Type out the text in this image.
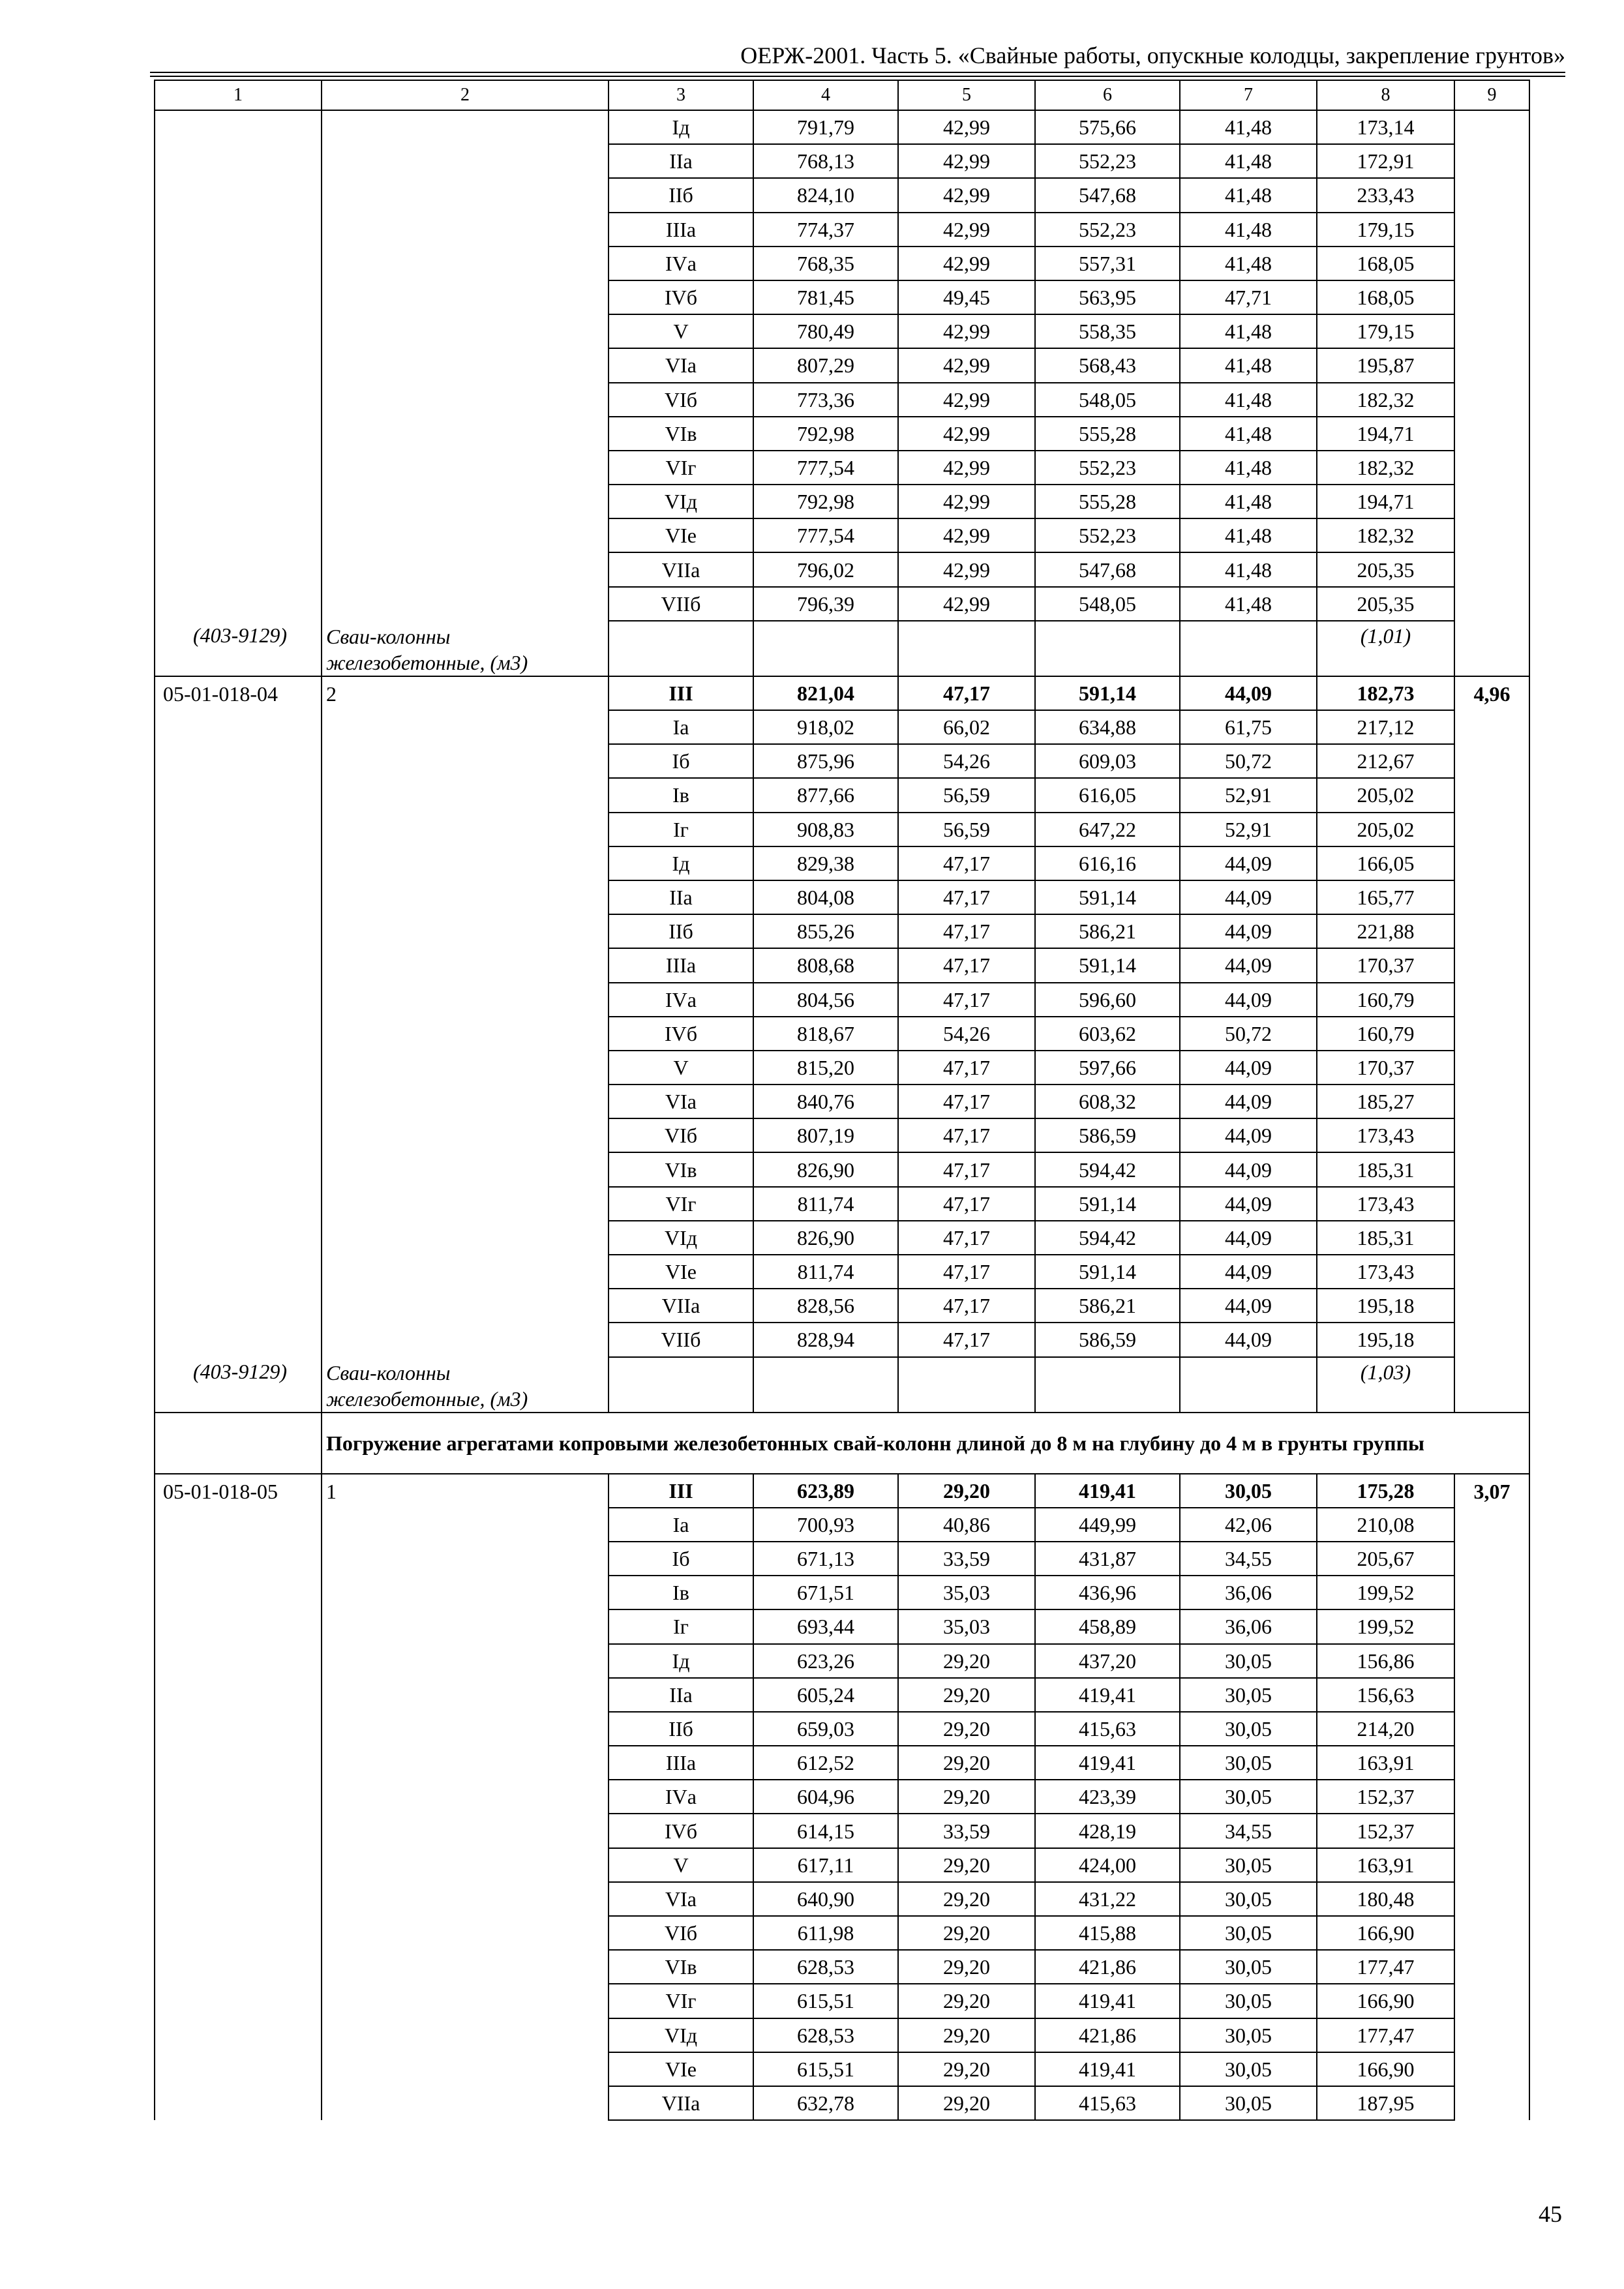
ОЕРЖ-2001. Часть 5. «Свайные работы, опускные колодцы, закрепление грунтов»
1	2	3	4	5	6	7	8	9
		Iд	791,79	42,99	575,66	41,48	173,14	
		IIа	768,13	42,99	552,23	41,48	172,91	
		IIб	824,10	42,99	547,68	41,48	233,43	
		IIIа	774,37	42,99	552,23	41,48	179,15	
		IVа	768,35	42,99	557,31	41,48	168,05	
		IVб	781,45	49,45	563,95	47,71	168,05	
		V	780,49	42,99	558,35	41,48	179,15	
		VIа	807,29	42,99	568,43	41,48	195,87	
		VIб	773,36	42,99	548,05	41,48	182,32	
		VIв	792,98	42,99	555,28	41,48	194,71	
		VIг	777,54	42,99	552,23	41,48	182,32	
		VIд	792,98	42,99	555,28	41,48	194,71	
		VIе	777,54	42,99	552,23	41,48	182,32	
		VIIа	796,02	42,99	547,68	41,48	205,35	
		VIIб	796,39	42,99	548,05	41,48	205,35	
(403-9129)	Сваи-колонны железобетонные, (м3)						(1,01)	
05-01-018-04	2	III	821,04	47,17	591,14	44,09	182,73	4,96
		Iа	918,02	66,02	634,88	61,75	217,12	
		Iб	875,96	54,26	609,03	50,72	212,67	
		Iв	877,66	56,59	616,05	52,91	205,02	
		Iг	908,83	56,59	647,22	52,91	205,02	
		Iд	829,38	47,17	616,16	44,09	166,05	
		IIа	804,08	47,17	591,14	44,09	165,77	
		IIб	855,26	47,17	586,21	44,09	221,88	
		IIIа	808,68	47,17	591,14	44,09	170,37	
		IVа	804,56	47,17	596,60	44,09	160,79	
		IVб	818,67	54,26	603,62	50,72	160,79	
		V	815,20	47,17	597,66	44,09	170,37	
		VIа	840,76	47,17	608,32	44,09	185,27	
		VIб	807,19	47,17	586,59	44,09	173,43	
		VIв	826,90	47,17	594,42	44,09	185,31	
		VIг	811,74	47,17	591,14	44,09	173,43	
		VIд	826,90	47,17	594,42	44,09	185,31	
		VIе	811,74	47,17	591,14	44,09	173,43	
		VIIа	828,56	47,17	586,21	44,09	195,18	
		VIIб	828,94	47,17	586,59	44,09	195,18	
(403-9129)	Сваи-колонны железобетонные, (м3)						(1,03)	
	Погружение агрегатами копровыми железобетонных свай-колонн длиной до 8 м на глубину до 4 м в грунты группы							
05-01-018-05	1	III	623,89	29,20	419,41	30,05	175,28	3,07
		Iа	700,93	40,86	449,99	42,06	210,08	
		Iб	671,13	33,59	431,87	34,55	205,67	
		Iв	671,51	35,03	436,96	36,06	199,52	
		Iг	693,44	35,03	458,89	36,06	199,52	
		Iд	623,26	29,20	437,20	30,05	156,86	
		IIа	605,24	29,20	419,41	30,05	156,63	
		IIб	659,03	29,20	415,63	30,05	214,20	
		IIIа	612,52	29,20	419,41	30,05	163,91	
		IVа	604,96	29,20	423,39	30,05	152,37	
		IVб	614,15	33,59	428,19	34,55	152,37	
		V	617,11	29,20	424,00	30,05	163,91	
		VIа	640,90	29,20	431,22	30,05	180,48	
		VIб	611,98	29,20	415,88	30,05	166,90	
		VIв	628,53	29,20	421,86	30,05	177,47	
		VIг	615,51	29,20	419,41	30,05	166,90	
		VIд	628,53	29,20	421,86	30,05	177,47	
		VIе	615,51	29,20	419,41	30,05	166,90	
		VIIа	632,78	29,20	415,63	30,05	187,95	
45
